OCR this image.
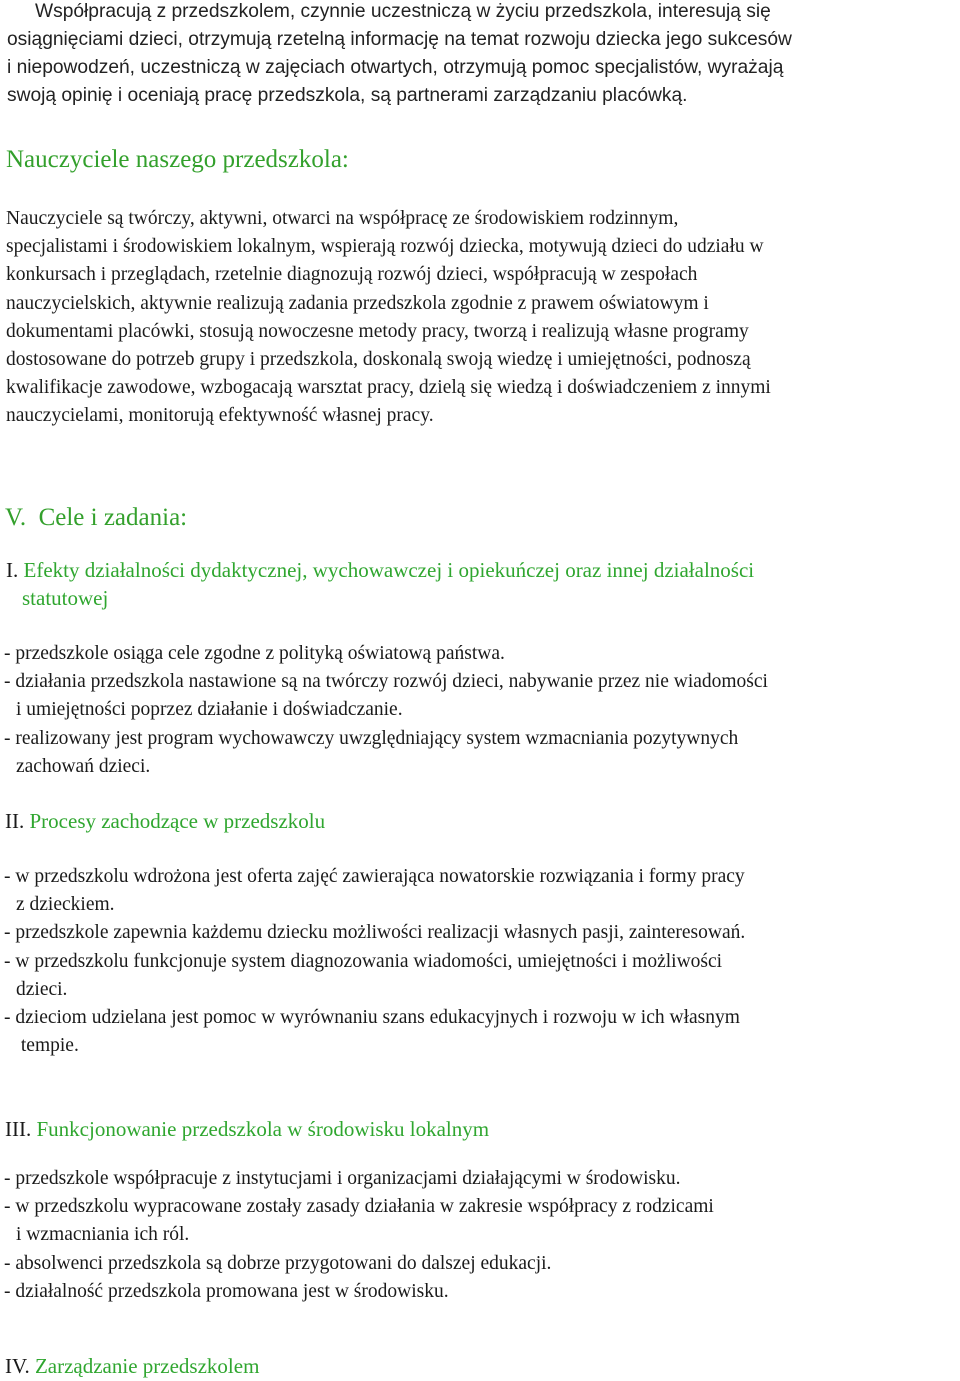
Współpracują z przedszkolem, czynnie uczestniczą w życiu przedszkola, interesują się
osiągnięciami dzieci, otrzymują rzetelną informację na temat rozwoju dziecka jego sukcesów
i niepowodzeń, uczestniczą w zajęciach otwartych, otrzymują pomoc specjalistów, wyrażają
swoją opinię i oceniają pracę przedszkola, są partnerami zarządzaniu placówką.
Nauczyciele naszego przedszkola:
Nauczyciele są twórczy, aktywni, otwarci na współpracę ze środowiskiem rodzinnym,
specjalistami i środowiskiem lokalnym, wspierają rozwój dziecka, motywują dzieci do udziału w
konkursach i przeglądach, rzetelnie diagnozują rozwój dzieci, współpracują w zespołach
nauczycielskich, aktywnie realizują zadania przedszkola zgodnie z prawem oświatowym i
dokumentami placówki, stosują nowoczesne metody pracy, tworzą i realizują własne programy
dostosowane do potrzeb grupy i przedszkola, doskonalą swoją wiedzę i umiejętności, podnoszą
kwalifikacje zawodowe, wzbogacają warsztat pracy, dzielą się wiedzą i doświadczeniem z innymi
nauczycielami, monitorują efektywność własnej pracy.
V.  Cele i zadania:
I. Efekty działalności dydaktycznej, wychowawczej i opiekuńczej oraz innej działalności
statutowej
- przedszkole osiąga cele zgodne z polityką oświatową państwa.
- działania przedszkola nastawione są na twórczy rozwój dzieci, nabywanie przez nie wiadomości
i umiejętności poprzez działanie i doświadczanie.
- realizowany jest program wychowawczy uwzględniający system wzmacniania pozytywnych
zachowań dzieci.
II. Procesy zachodzące w przedszkolu
- w przedszkolu wdrożona jest oferta zajęć zawierająca nowatorskie rozwiązania i formy pracy
z dzieckiem.
- przedszkole zapewnia każdemu dziecku możliwości realizacji własnych pasji, zainteresowań.
- w przedszkolu funkcjonuje system diagnozowania wiadomości, umiejętności i możliwości
dzieci.
- dzieciom udzielana jest pomoc w wyrównaniu szans edukacyjnych i rozwoju w ich własnym
tempie.
III. Funkcjonowanie przedszkola w środowisku lokalnym
- przedszkole współpracuje z instytucjami i organizacjami działającymi w środowisku.
- w przedszkolu wypracowane zostały zasady działania w zakresie współpracy z rodzicami
i wzmacniania ich ról.
- absolwenci przedszkola są dobrze przygotowani do dalszej edukacji.
- działalność przedszkola promowana jest w środowisku.
IV. Zarządzanie przedszkolem
